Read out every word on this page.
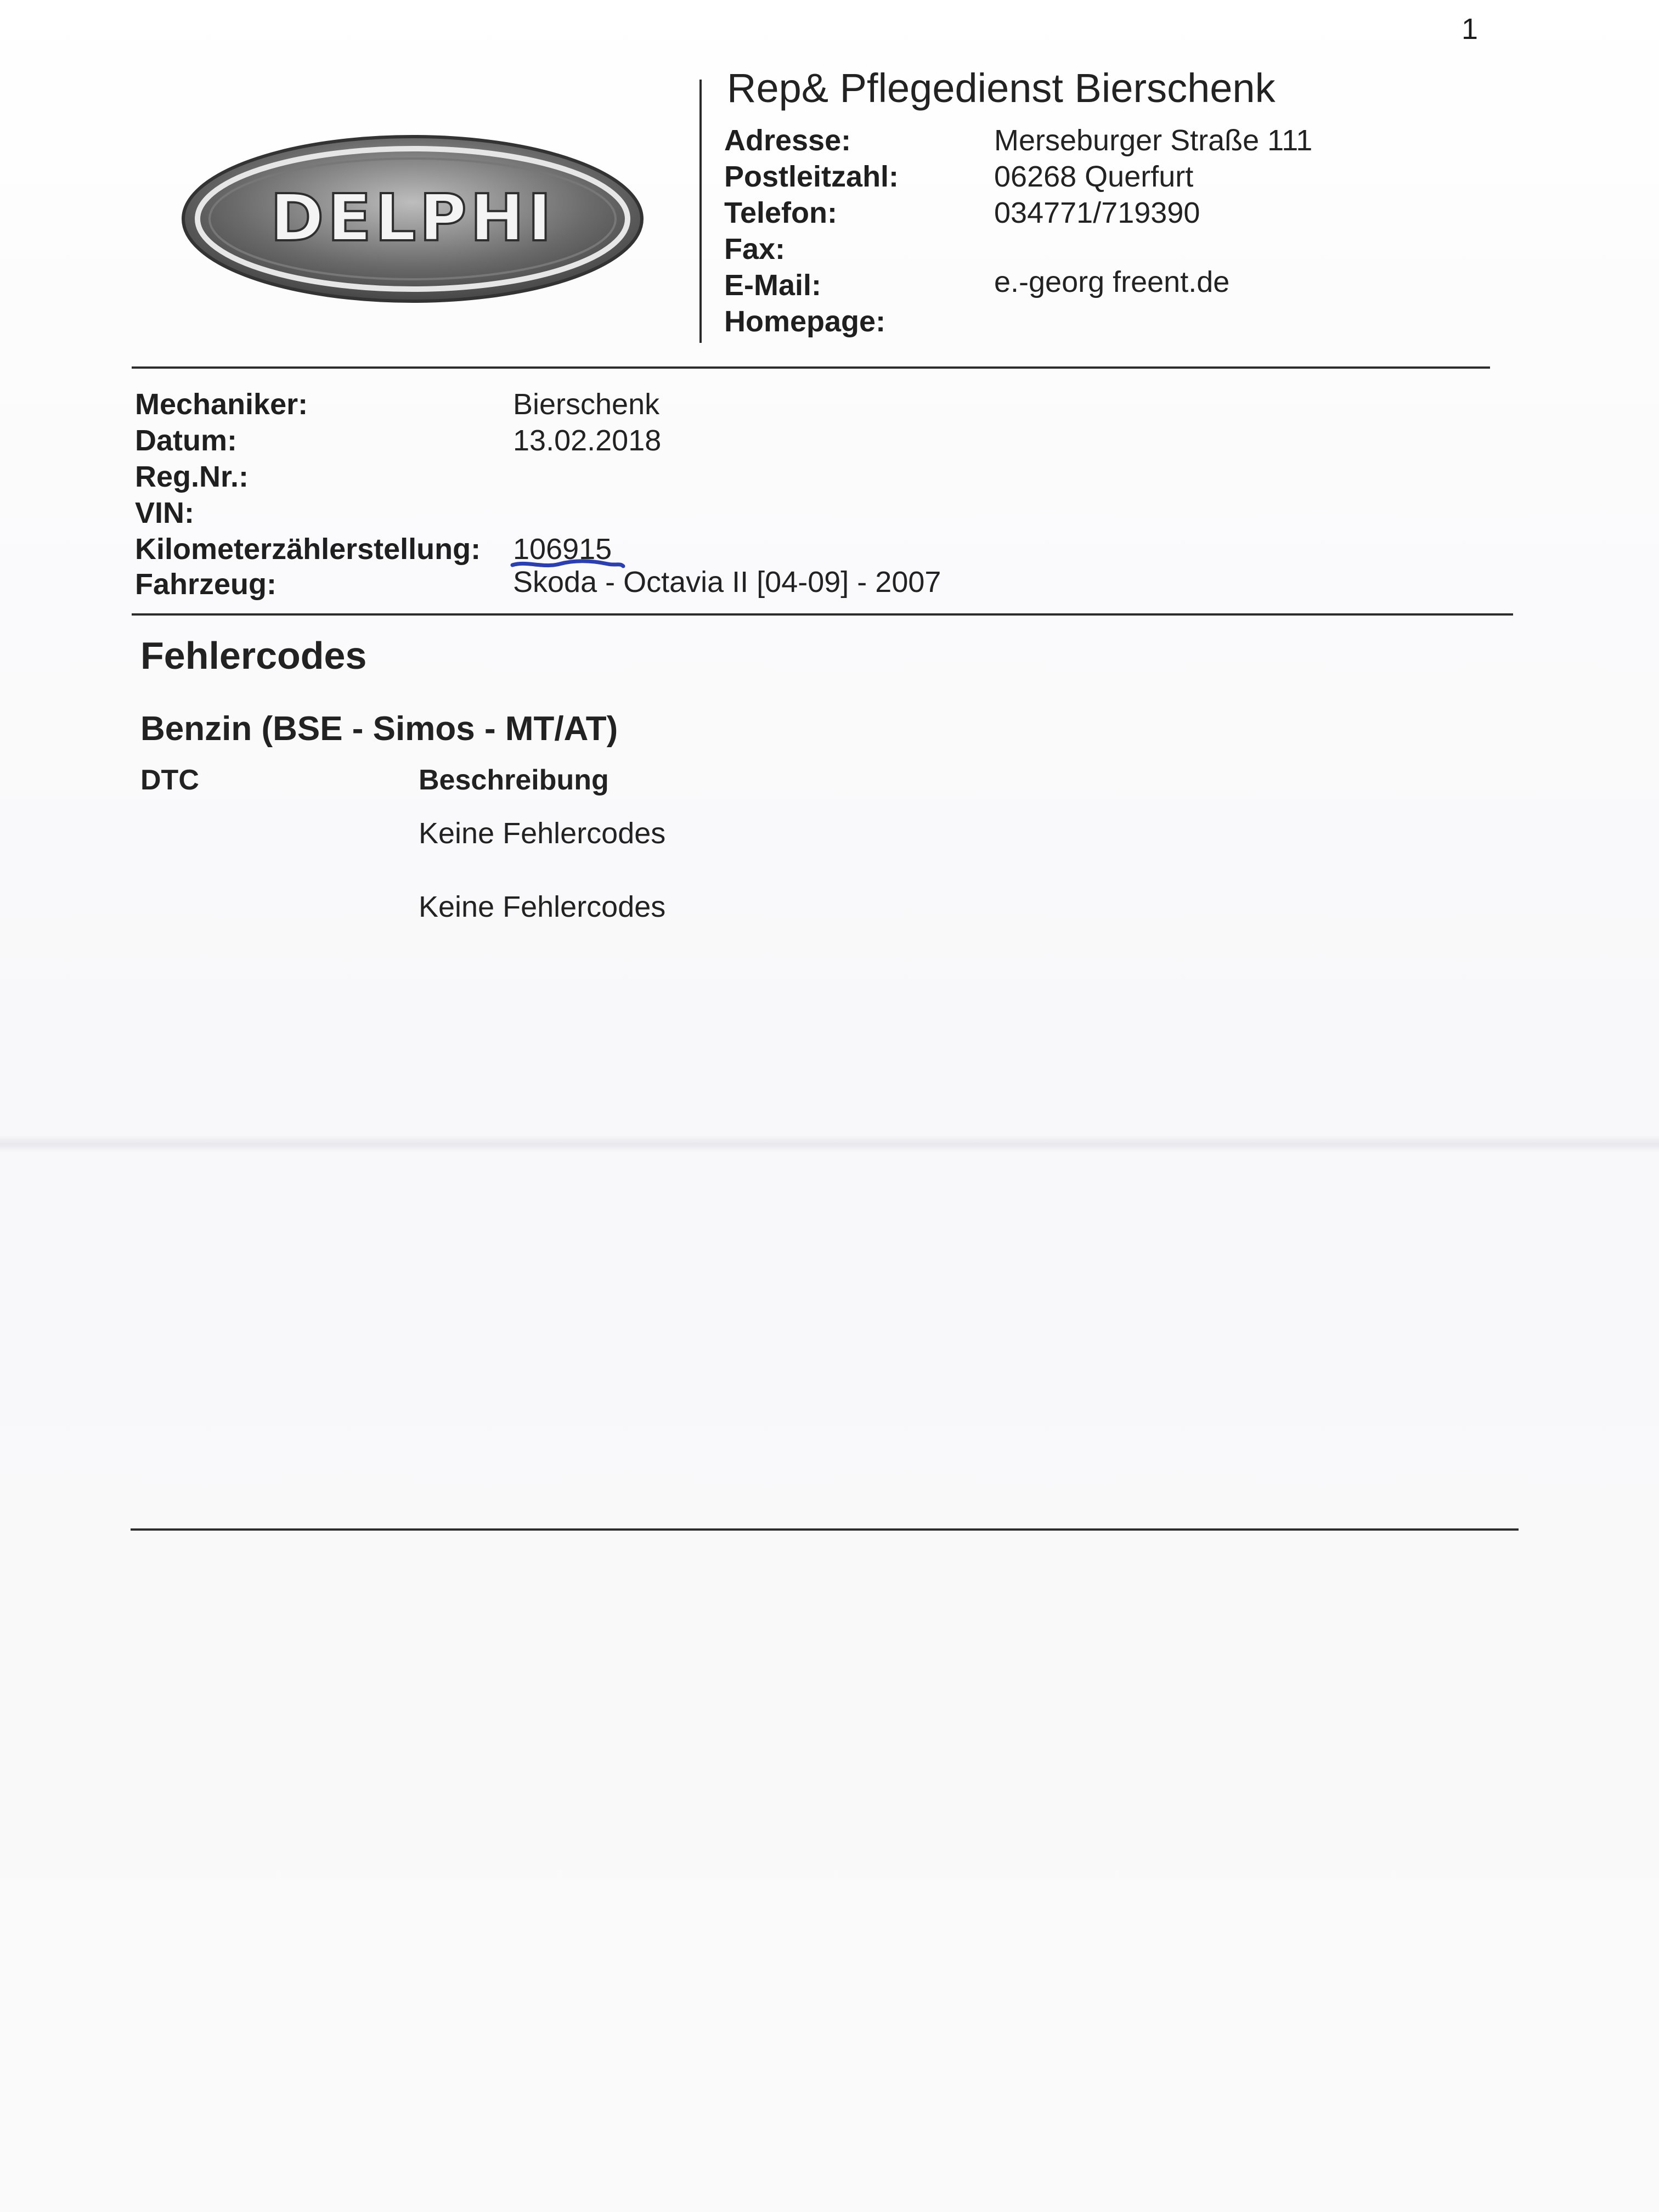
1
DELPHI
Rep& Pflegedienst Bierschenk
Adresse:	Merseburger Straße 111
Postleitzahl:	06268 Querfurt
Telefon:	034771/719390
Fax:
E-Mail:	e.-georg freent.de
Homepage:
Mechaniker:	Bierschenk
Datum:	13.02.2018
Reg.Nr.:
VIN:
Kilometerzählerstellung: 106915
Fahrzeug:	Skoda - Octavia II [04-09] - 2007
Fehlercodes
Benzin (BSE - Simos - MT/AT)
DTC	Beschreibung
Keine Fehlercodes
Keine Fehlercodes
